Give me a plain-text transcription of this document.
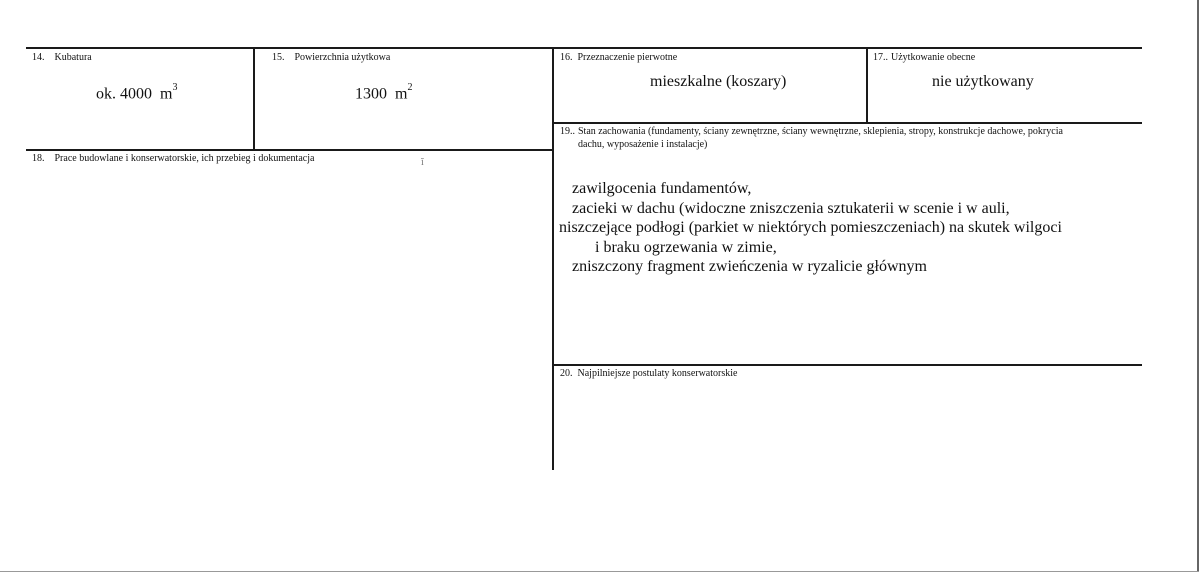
14. Kubatura
ok. 4000 $m^3$
15. Powierzchnia użytkowa
1300 $m^2$
16. Przeznaczenie pierwotne
mieszkalne (koszary)
17.. Użytkowanie obecne
nie użytkowany
18. Prace budowlane i konserwatorskie, ich przebieg i dokumentacja	ĭ
19.. Stan zachowania (fundamenty, ściany zewnętrzne, ściany wewnętrzne, sklepienia, stropy, konstrukcje dachowe, pokrycia
dachu, wyposażenie i instalacje)
zawilgocenia fundamentów,
zacieki w dachu (widoczne zniszczenia sztukaterii w scenie i w auli,
niszczejące podłogi (parkiet w niektórych pomieszczeniach) na skutek wilgoci
i braku ogrzewania w zimie,
zniszczony fragment zwieńczenia w ryzalicie głównym
20. Najpilniejsze postulaty konserwatorskie
